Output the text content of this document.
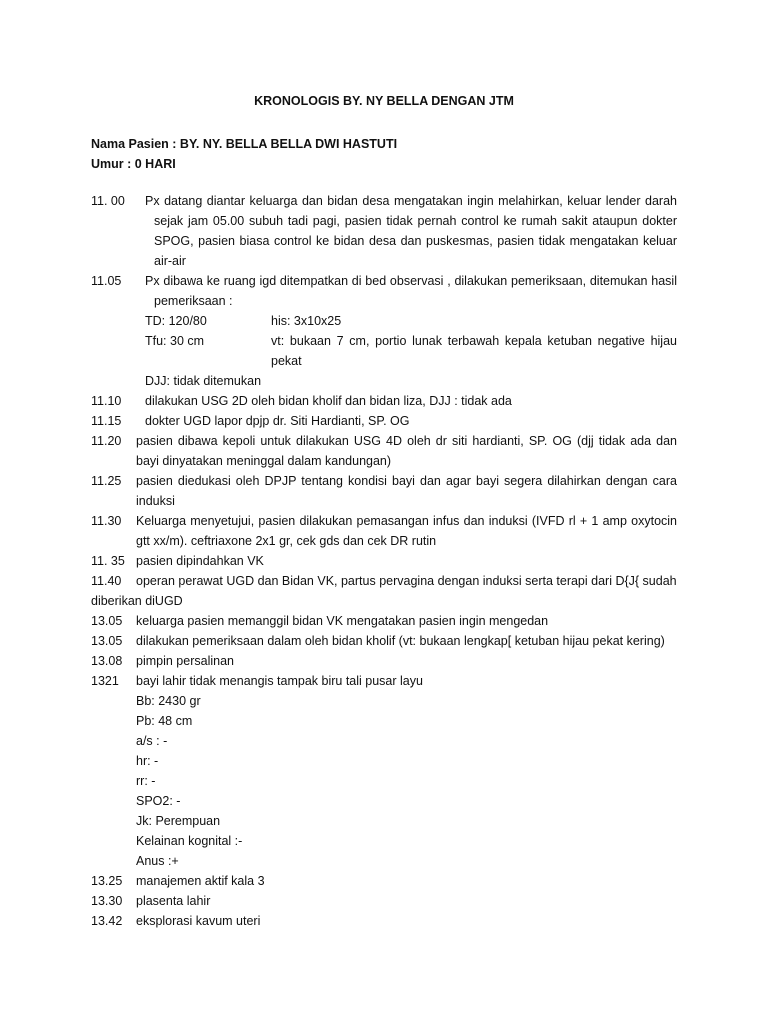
KRONOLOGIS BY. NY BELLA DENGAN JTM
Nama Pasien : BY. NY. BELLA BELLA DWI HASTUTI
Umur : 0 HARI
11. 00	Px datang diantar keluarga dan bidan desa mengatakan ingin melahirkan, keluar lender darah sejak jam 05.00 subuh tadi pagi, pasien tidak pernah control ke rumah sakit ataupun dokter SPOG, pasien biasa control ke bidan desa dan puskesmas, pasien tidak mengatakan keluar air-air
11.05	Px dibawa ke ruang igd ditempatkan di bed observasi , dilakukan pemeriksaan, ditemukan hasil pemeriksaan :
TD: 120/80	his: 3x10x25
Tfu: 30 cm	vt: bukaan 7 cm, portio lunak terbawah kepala ketuban negative hijau pekat
DJJ: tidak ditemukan
11.10	dilakukan USG 2D oleh bidan kholif dan bidan liza, DJJ : tidak ada
11.15	dokter UGD lapor dpjp dr. Siti Hardianti, SP. OG
11.20	pasien dibawa kepoli untuk dilakukan USG 4D oleh dr siti hardianti, SP. OG (djj tidak ada dan bayi dinyatakan meninggal dalam kandungan)
11.25	pasien diedukasi oleh DPJP tentang kondisi bayi dan agar bayi segera dilahirkan dengan cara induksi
11.30	Keluarga menyetujui, pasien dilakukan pemasangan infus dan induksi (IVFD rl + 1 amp oxytocin gtt xx/m). ceftriaxone 2x1 gr, cek gds dan cek DR rutin
11. 35 pasien dipindahkan VK
11.40	operan perawat UGD dan Bidan VK, partus pervagina dengan induksi serta terapi dari D{J{ sudah
diberikan diUGD
13.05	keluarga pasien memanggil bidan VK mengatakan pasien ingin mengedan
13.05	dilakukan pemeriksaan dalam oleh bidan kholif (vt: bukaan lengkap[ ketuban hijau pekat kering)
13.08	pimpin persalinan
1321	bayi lahir tidak menangis tampak biru tali pusar layu
Bb: 2430 gr
Pb: 48 cm
a/s : -
hr: -
rr: -
SPO2: -
Jk: Perempuan
Kelainan kognital :-
Anus :+
13.25	manajemen aktif kala 3
13.30	plasenta lahir
13.42	eksplorasi kavum uteri
